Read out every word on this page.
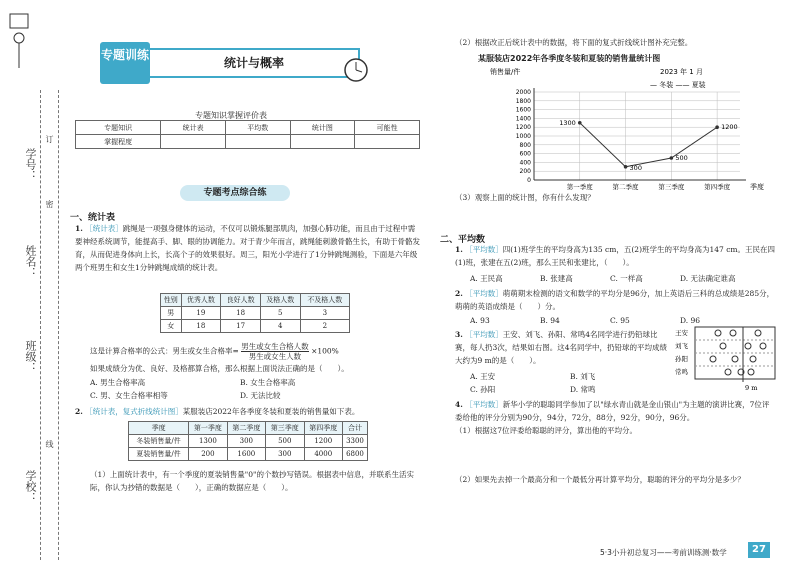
订
学号：
密
姓名：
班级：
线
学校：
专题训练
统计与概率
专题知识掌握评价表
专题知识	统计表	平均数	统计图	可能性
掌握程度				
专题考点综合练
一、统计表
1. ［统计表］跳绳是一项强身健体的运动，不仅可以锻炼腿部肌肉，加强心肺功能，而且由于过程中需要神经系统调节，能提高手、脚、眼的协调能力。对于青少年而言，跳绳能刺激骨骼生长，有助于骨骼发育，从而促进身体向上长，长高个子的效果很好。周三，阳光小学进行了1分钟跳绳测验，下面是六年级两个班男生和女生1分钟跳绳成绩的统计表。
性别	优秀人数	良好人数	及格人数	不及格人数
男	19	18	5	3
女	18	17	4	2
这是计算合格率的公式：男生或女生合格率= 男生或女生合格人数
男生或女生人数
×100%
如果成绩分为优、良好、及格都算合格，那么根据上面说法正确的是（　　）。
A. 男生合格率高	B. 女生合格率高
C. 男、女生合格率相等	D. 无法比较
2. ［统计表，复式折线统计图］某服装店2022年各季度冬装和夏装的销售量如下表。
季度	第一季度	第二季度	第三季度	第四季度	合计
冬装销售量/件	1300	300	500	1200	3300
夏装销售量/件	200	1600	300	4000	6800
（1）上面统计表中，有一个季度的夏装销售量"0"的个数抄写错误。根据表中信息，并联系生活实际，你认为抄错的数据是（　　），正确的数据应是（　　）。
（2）根据改正后统计表中的数据，将下面的复式折线统计图补充完整。
某服装店2022年各季度冬装和夏装的销售量统计图
销售量/件	2023 年 1 月
— 冬装 —— 夏装
0
200
400
600
800
1000
1200
1400
1600
1800
2000
第一季度	第二季度	第三季度	第四季度
1300
300
500
1200
季度
（3）观察上面的统计图，你有什么发现？
二、平均数
1. ［平均数］四(1)班学生的平均身高为135 cm，五(2)班学生的平均身高为147 cm。王民在四(1)班，张建在五(2)班，那么王民和张建比，（　　）。
A. 王民高	B. 张建高	C. 一样高	D. 无法确定谁高
2. ［平均数］萌萌期末检测的语文和数学的平均分是96分，加上英语后三科的总成绩是285分，萌萌的英语成绩是（　　）分。
A. 93	B. 94	C. 95	D. 96
3. ［平均数］王安、刘飞、孙阳、常鸣4名同学进行扔铅球比赛，每人扔3次，结果如右图。这4名同学中，扔铅球的平均成绩大约为9 m的是（　　）。
A. 王安	B. 刘飞
C. 孙阳	D. 常鸣
王安
刘飞
孙阳
常鸣
9 m
4. ［平均数］新华小学的聪聪同学参加了以"绿水青山就是金山银山"为主题的演讲比赛，7位评委给他的评分分别为90分，94分，72分，88分，92分，90分，96分。
（1）根据这7位评委给聪聪的评分，算出他的平均分。
（2）如果先去掉一个最高分和一个最低分再计算平均分，聪聪的评分的平均分是多少？
5·3小升初总复习——考前训练测·数学	27
